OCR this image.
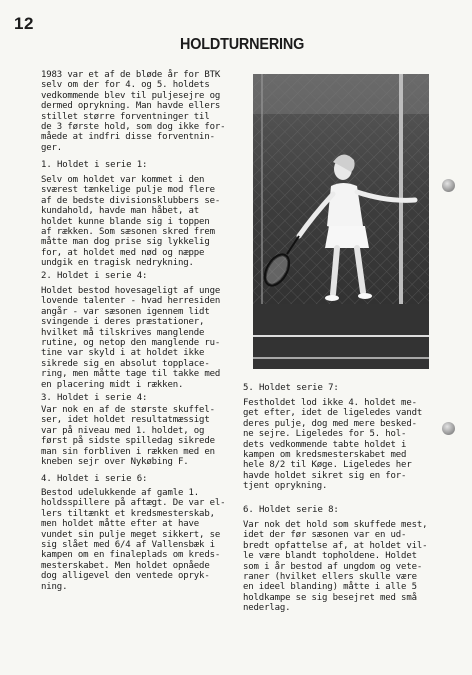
12
HOLDTURNERING
1983 var et af de bløde år for BTK
selv om der for 4. og 5. holdets
vedkommende blev til puljesejre og
dermed oprykning. Man havde ellers
stillet større forventninger til
de 3 første hold, som dog ikke for-
måede at indfri disse forventnin-
ger.
1. Holdet i serie 1:
Selv om holdet var kommet i den
sværest tænkelige pulje mod flere
af de bedste divisionsklubbers se-
kundahold, havde man håbet, at
holdet kunne blande sig i toppen
af rækken. Som sæsonen skred frem
måtte man dog prise sig lykkelig
for, at holdet med nød og næppe
undgik en tragisk nedrykning.
2. Holdet i serie 4:
Holdet bestod hovesageligt af unge
lovende talenter - hvad herresiden
angår - var sæsonen igennem lidt
svingende i deres præstationer,
hvilket må tilskrives manglende
rutine, og netop den manglende ru-
tine var skyld i at holdet ikke
sikrede sig en absolut topplace-
ring, men måtte tage til takke med
en placering midt i rækken.
3. Holdet i serie 4:
Var nok en af de største skuffel-
ser, idet holdet resultatmæssigt
var på niveau med 1. holdet, og
først på sidste spilledag sikrede
man sin forbliven i rækken med en
kneben sejr over Nykøbing F.
4. Holdet i serie 6:
Bestod udelukkende af gamle 1.
holdsspillere på aftægt. De var el-
lers tiltænkt et kredsmesterskab,
men holdet måtte efter at have
vundet sin pulje meget sikkert, se
sig slået med 6/4 af Vallensbæk i
kampen om en finaleplads om kreds-
mesterskabet. Men holdet opnåede
dog alligevel den ventede opryk-
ning.
5. Holdet serie 7:
Festholdet lod ikke 4. holdet me-
get efter, idet de ligeledes vandt
deres pulje, dog med mere besked-
ne sejre. Ligeledes for 5. hol-
dets vedkommende tabte holdet i
kampen om kredsmesterskabet med
hele 8/2 til Køge. Ligeledes her
havde holdet sikret sig en for-
tjent oprykning.
6. Holdet serie 8:
Var nok det hold som skuffede mest,
idet der før sæsonen var en ud-
bredt opfattelse af, at holdet vil-
le være blandt topholdene. Holdet
som i år bestod af ungdom og vete-
raner (hvilket ellers skulle være
en ideel blanding) måtte i alle 5
holdkampe se sig besejret med små
nederlag.
